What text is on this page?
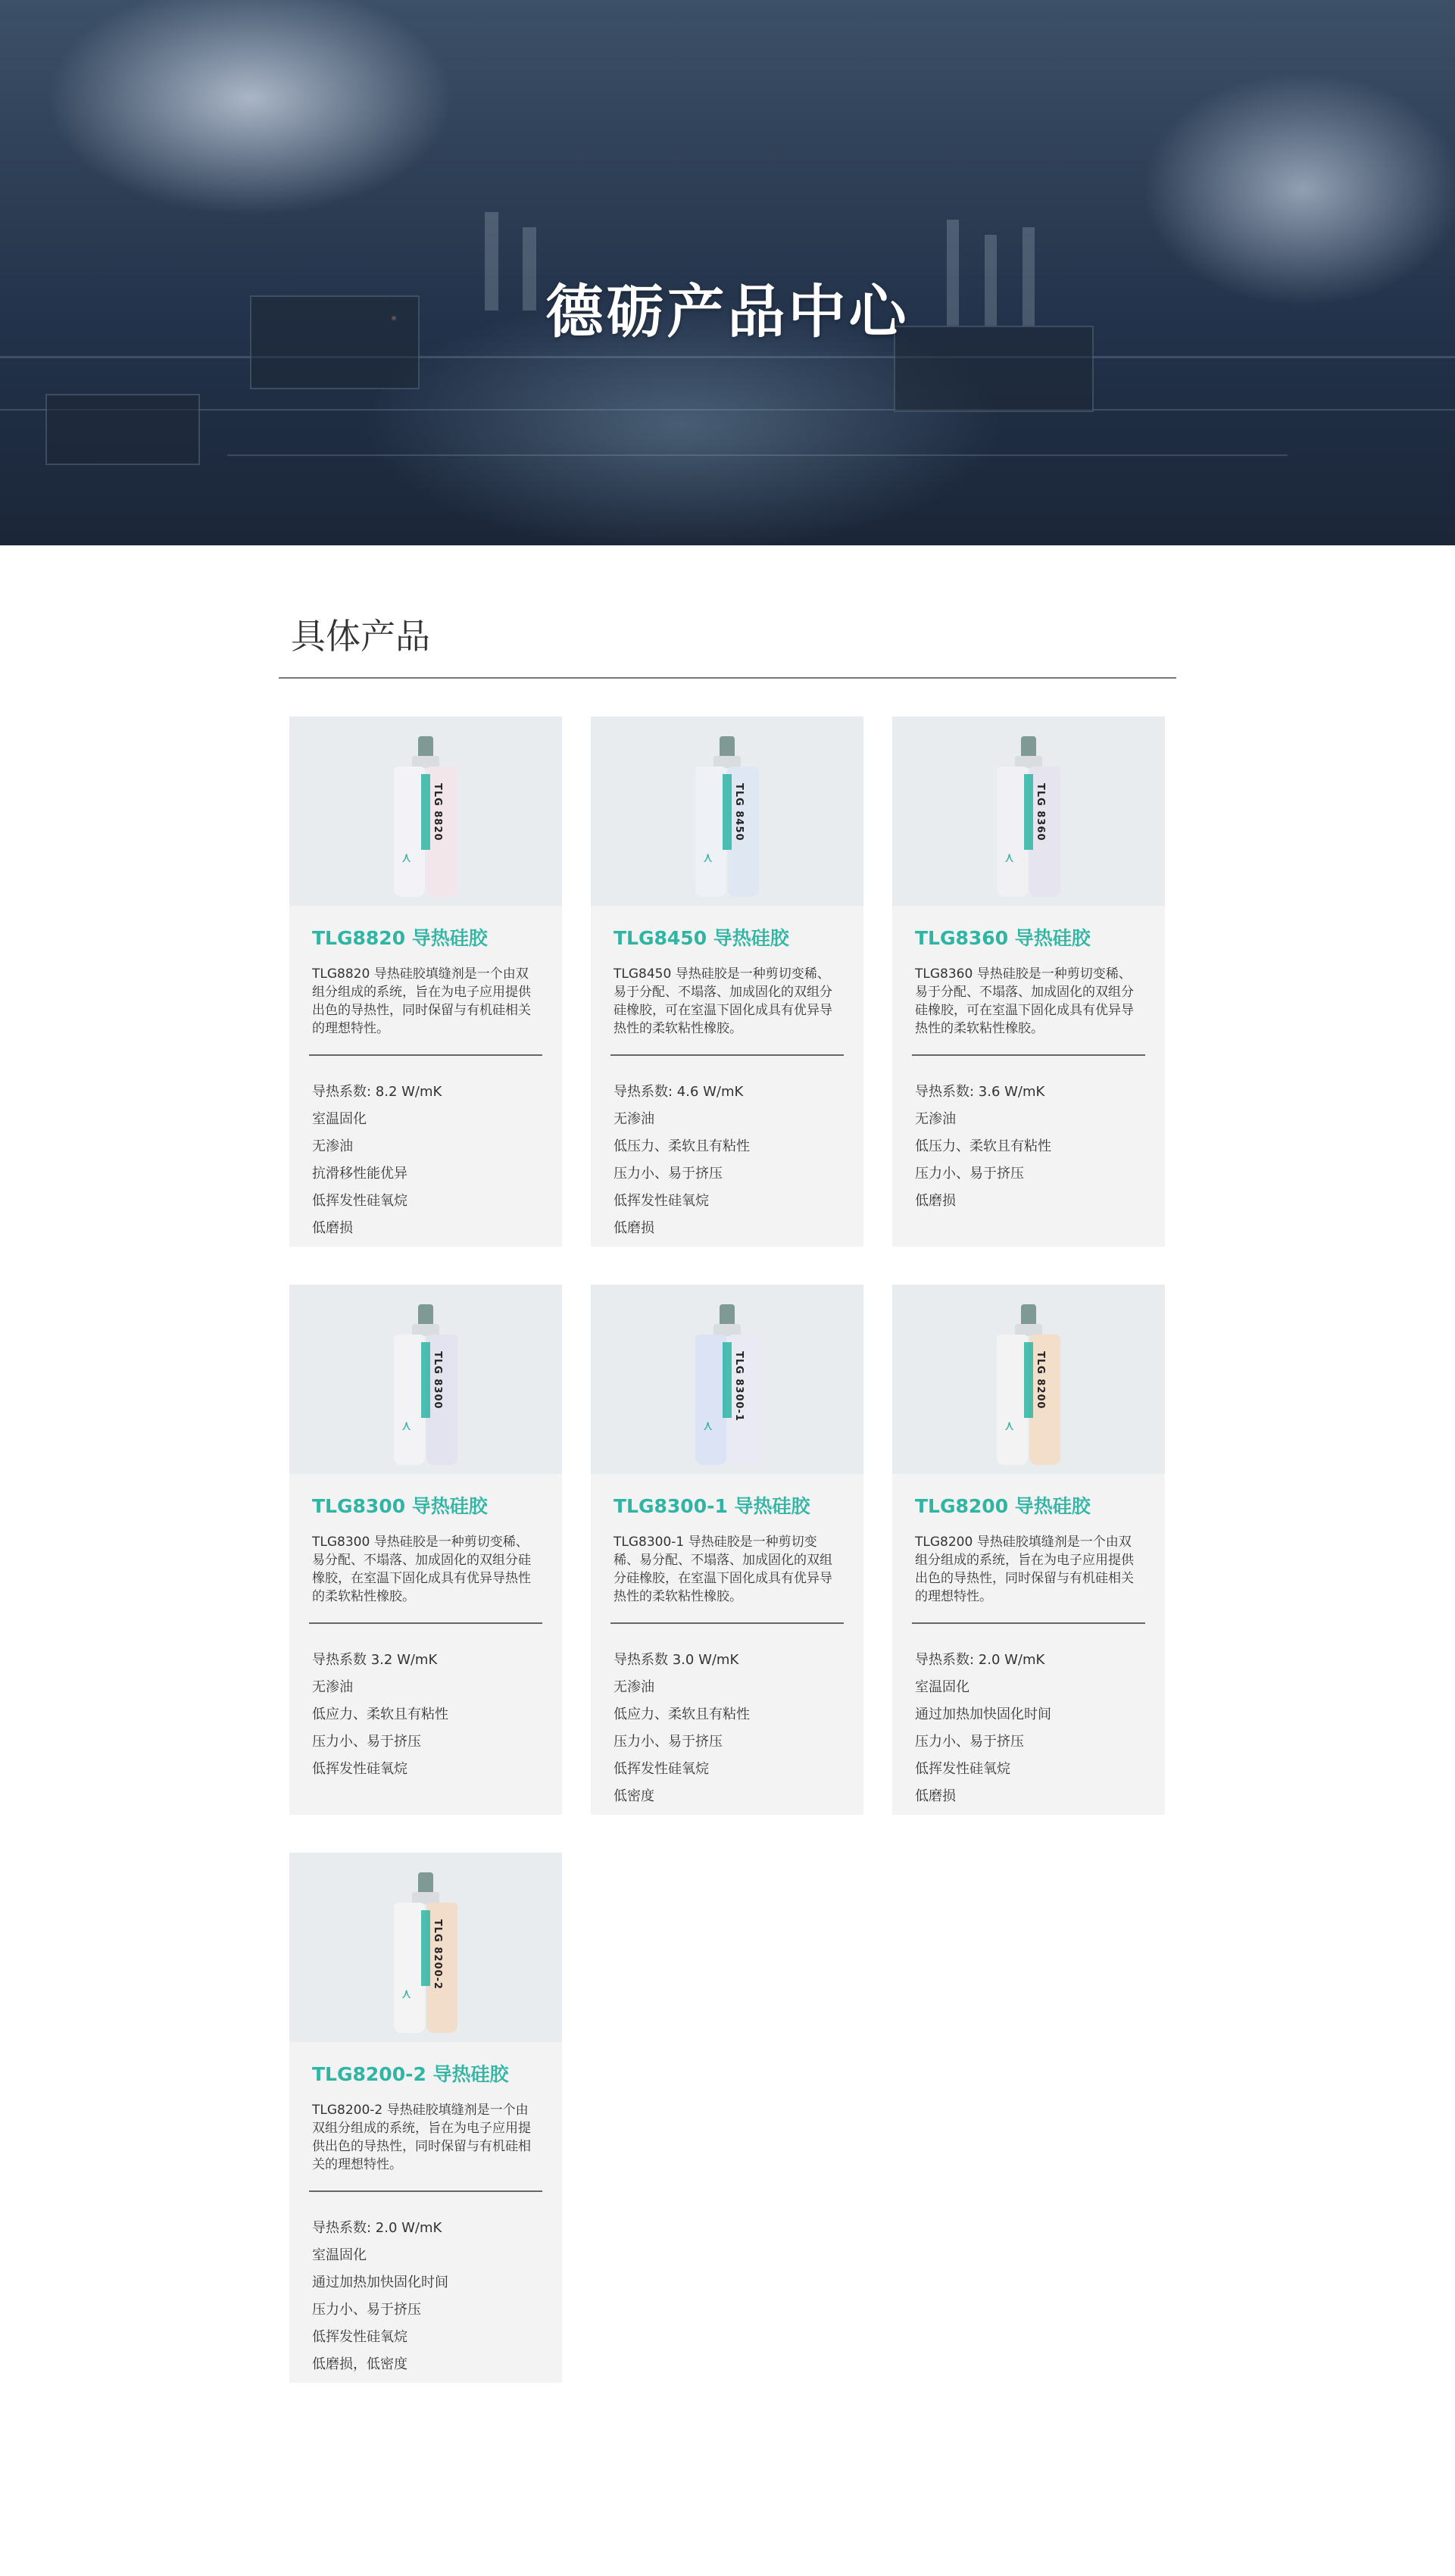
德砺产品中心
具体产品
TLG 8820
⋏
TLG8820 导热硅胶

TLG8820 导热硅胶填缝剂是一个由双组分组成的系统，旨在为电子应用提供出色的导热性，同时保留与有机硅相关的理想特性。

导热系数: 8.2 W/mK
室温固化
无渗油
抗滑移性能优异
低挥发性硅氧烷
低磨损
TLG 8450
⋏
TLG8450 导热硅胶

TLG8450 导热硅胶是一种剪切变稀、易于分配、不塌落、加成固化的双组分硅橡胶，可在室温下固化成具有优异导热性的柔软粘性橡胶。

导热系数: 4.6 W/mK
无渗油
低压力、柔软且有粘性
压力小、易于挤压
低挥发性硅氧烷
低磨损
TLG 8360
⋏
TLG8360 导热硅胶

TLG8360 导热硅胶是一种剪切变稀、易于分配、不塌落、加成固化的双组分硅橡胶，可在室温下固化成具有优异导热性的柔软粘性橡胶。

导热系数: 3.6 W/mK
无渗油
低压力、柔软且有粘性
压力小、易于挤压
低磨损
TLG 8300
⋏
TLG8300 导热硅胶

TLG8300 导热硅胶是一种剪切变稀、易分配、不塌落、加成固化的双组分硅橡胶，在室温下固化成具有优异导热性的柔软粘性橡胶。

导热系数 3.2 W/mK
无渗油
低应力、柔软且有粘性
压力小、易于挤压
低挥发性硅氧烷
TLG 8300-1
⋏
TLG8300-1 导热硅胶

TLG8300-1 导热硅胶是一种剪切变稀、易分配、不塌落、加成固化的双组分硅橡胶，在室温下固化成具有优异导热性的柔软粘性橡胶。

导热系数 3.0 W/mK
无渗油
低应力、柔软且有粘性
压力小、易于挤压
低挥发性硅氧烷
低密度
TLG 8200
⋏
TLG8200 导热硅胶

TLG8200 导热硅胶填缝剂是一个由双组分组成的系统，旨在为电子应用提供出色的导热性，同时保留与有机硅相关的理想特性。

导热系数: 2.0 W/mK
室温固化
通过加热加快固化时间
压力小、易于挤压
低挥发性硅氧烷
低磨损
TLG 8200-2
⋏
TLG8200-2 导热硅胶

TLG8200-2 导热硅胶填缝剂是一个由双组分组成的系统，旨在为电子应用提供出色的导热性，同时保留与有机硅相关的理想特性。

导热系数: 2.0 W/mK
室温固化
通过加热加快固化时间
压力小、易于挤压
低挥发性硅氧烷
低磨损，低密度
